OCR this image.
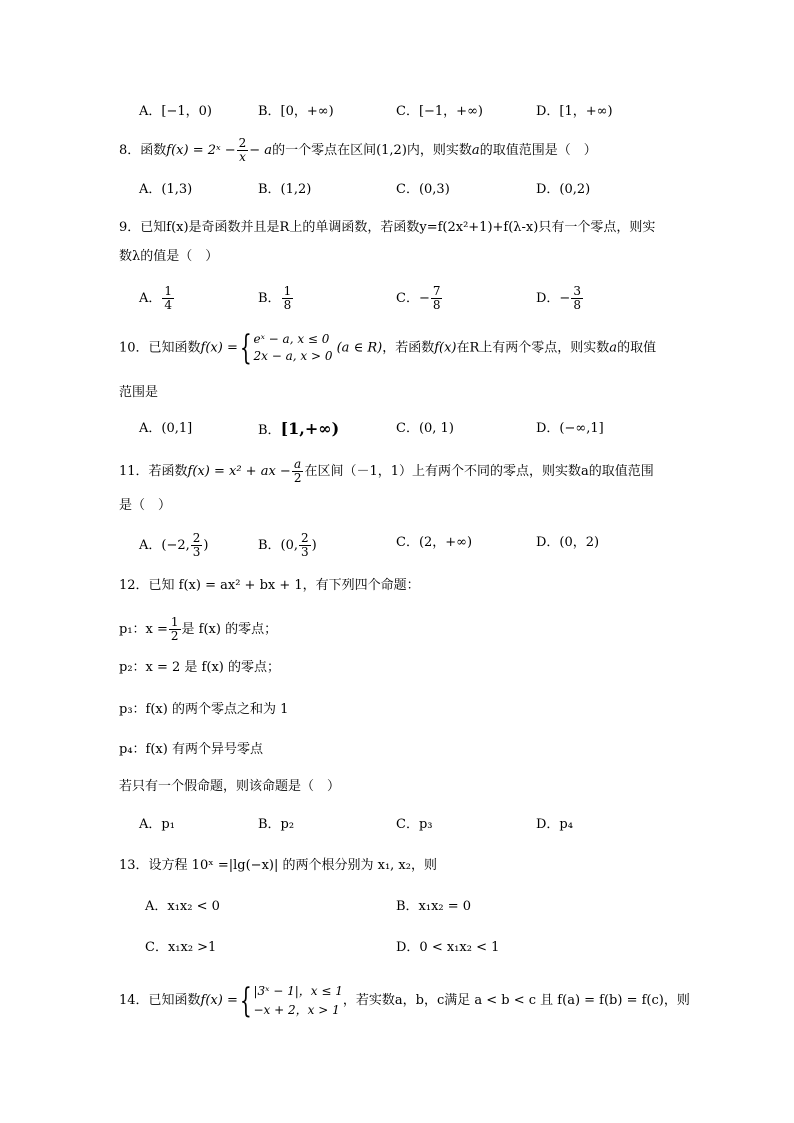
A．[−1，0)	B．[0，+∞)	C．[−1，+∞)	D．[1，+∞)
8．函数f(x) = 2ˣ − $\frac{2}{x} - a$的一个零点在区间(1,2)内，则实数a的取值范围是（　）
A．(1,3)	B．(1,2)	C．(0,3)	D．(0,2)
9．已知f(x)是奇函数并且是R上的单调函数，若函数y=f(2x²+1)+f(λ-x)只有一个零点，则实
数λ的值是（　）
A． $\frac{1}{4}$	B． $\frac{1}{8}$	C．− $\frac{7}{8}$	D．− $\frac{3}{8}$
10．已知函数f(x) = { eˣ − a, x ≤ 0
2x − a, x > 0
(a ∈ R)，若函数f(x)在R上有两个零点，则实数a的取值
范围是
A．(0,1]	B．[1,+∞)	C．(0, 1)	D．(−∞,1]
11．若函数f(x) = x² + ax − $\frac{a}{2}$ 在区间（－1，1）上有两个不同的零点，则实数a的取值范围
是（　）
A．(−2, $\frac{2}{3}$ )	B．(0, $\frac{2}{3}$ )	C．(2，+∞)	D．(0，2)
12．已知 f(x) = ax² + bx + 1，有下列四个命题：
p₁：$x = \frac{1}{2}$ 是 f(x) 的零点；
p₂：x = 2 是 f(x) 的零点；
p₃：f(x) 的两个零点之和为 1
p₄：f(x) 有两个异号零点
若只有一个假命题，则该命题是（　）
A．p₁	B．p₂	C．p₃	D．p₄
13．设方程 10ˣ =|lg(−x)| 的两个根分别为 x₁, x₂，则
A．x₁x₂ < 0	B．x₁x₂ = 0
C．x₁x₂ >1	D．0 < x₁x₂ < 1
14．已知函数f(x) = { |3ˣ − 1|，x ≤ 1
−x + 2，x > 1
，若实数a，b，c满足 a < b < c 且 f(a) = f(b) = f(c)，则
